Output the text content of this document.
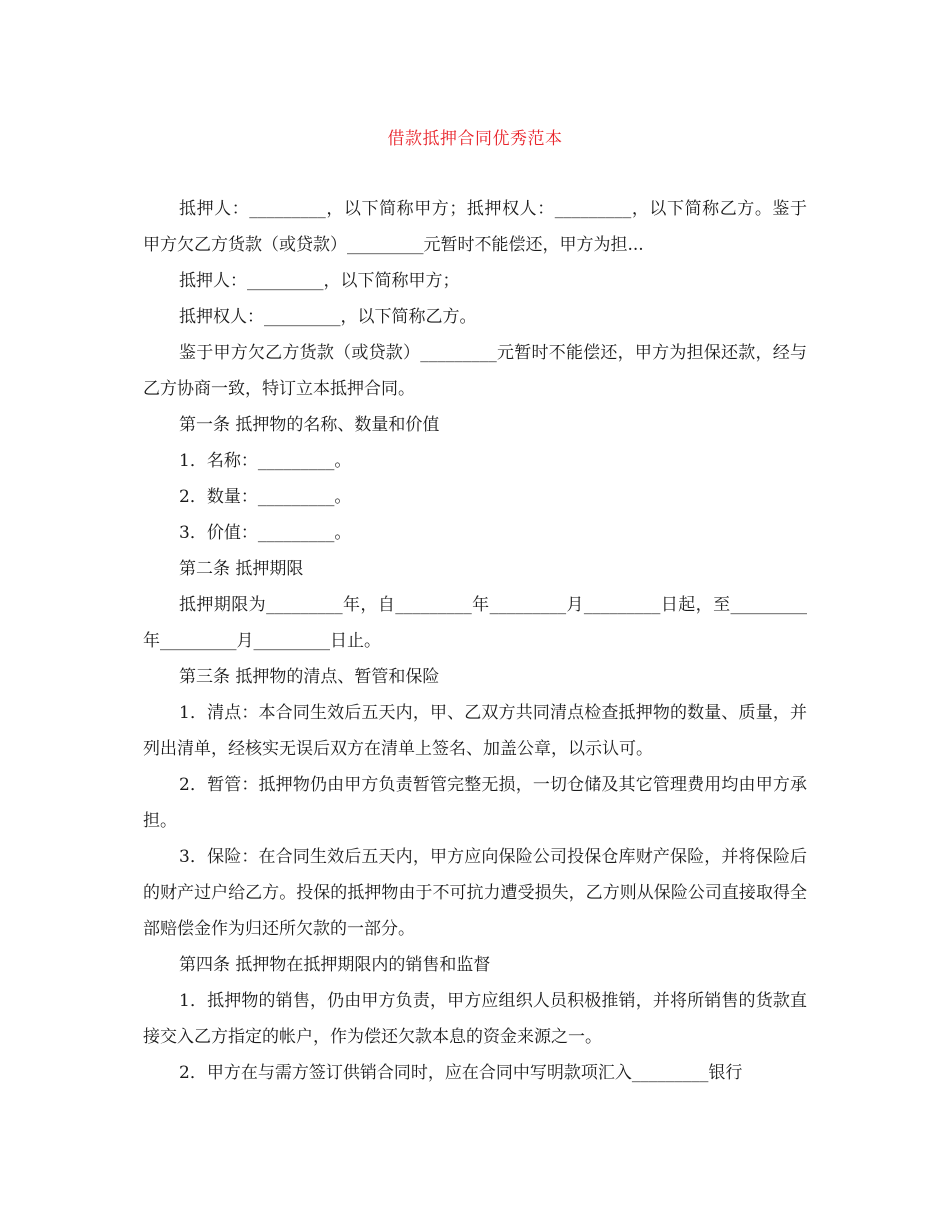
借款抵押合同优秀范本

抵押人：_________，以下简称甲方；抵押权人：_________，以下简称乙方。鉴于甲方欠乙方货款（或贷款）_________元暂时不能偿还，甲方为担...

抵押人：_________，以下简称甲方；

抵押权人：_________，以下简称乙方。

鉴于甲方欠乙方货款（或贷款）_________元暂时不能偿还，甲方为担保还款，经与乙方协商一致，特订立本抵押合同。

第一条 抵押物的名称、数量和价值

1．名称：_________。

2．数量：_________。

3．价值：_________。

第二条 抵押期限

抵押期限为_________年，自_________年_________月_________日起，至_________年_________月_________日止。

第三条 抵押物的清点、暂管和保险

1．清点：本合同生效后五天内，甲、乙双方共同清点检查抵押物的数量、质量，并列出清单，经核实无误后双方在清单上签名、加盖公章，以示认可。

2．暂管：抵押物仍由甲方负责暂管完整无损，一切仓储及其它管理费用均由甲方承担。

3．保险：在合同生效后五天内，甲方应向保险公司投保仓库财产保险，并将保险后的财产过户给乙方。投保的抵押物由于不可抗力遭受损失，乙方则从保险公司直接取得全部赔偿金作为归还所欠款的一部分。

第四条 抵押物在抵押期限内的销售和监督

1．抵押物的销售，仍由甲方负责，甲方应组织人员积极推销，并将所销售的货款直接交入乙方指定的帐户，作为偿还欠款本息的资金来源之一。

2．甲方在与需方签订供销合同时，应在合同中写明款项汇入_________银行
